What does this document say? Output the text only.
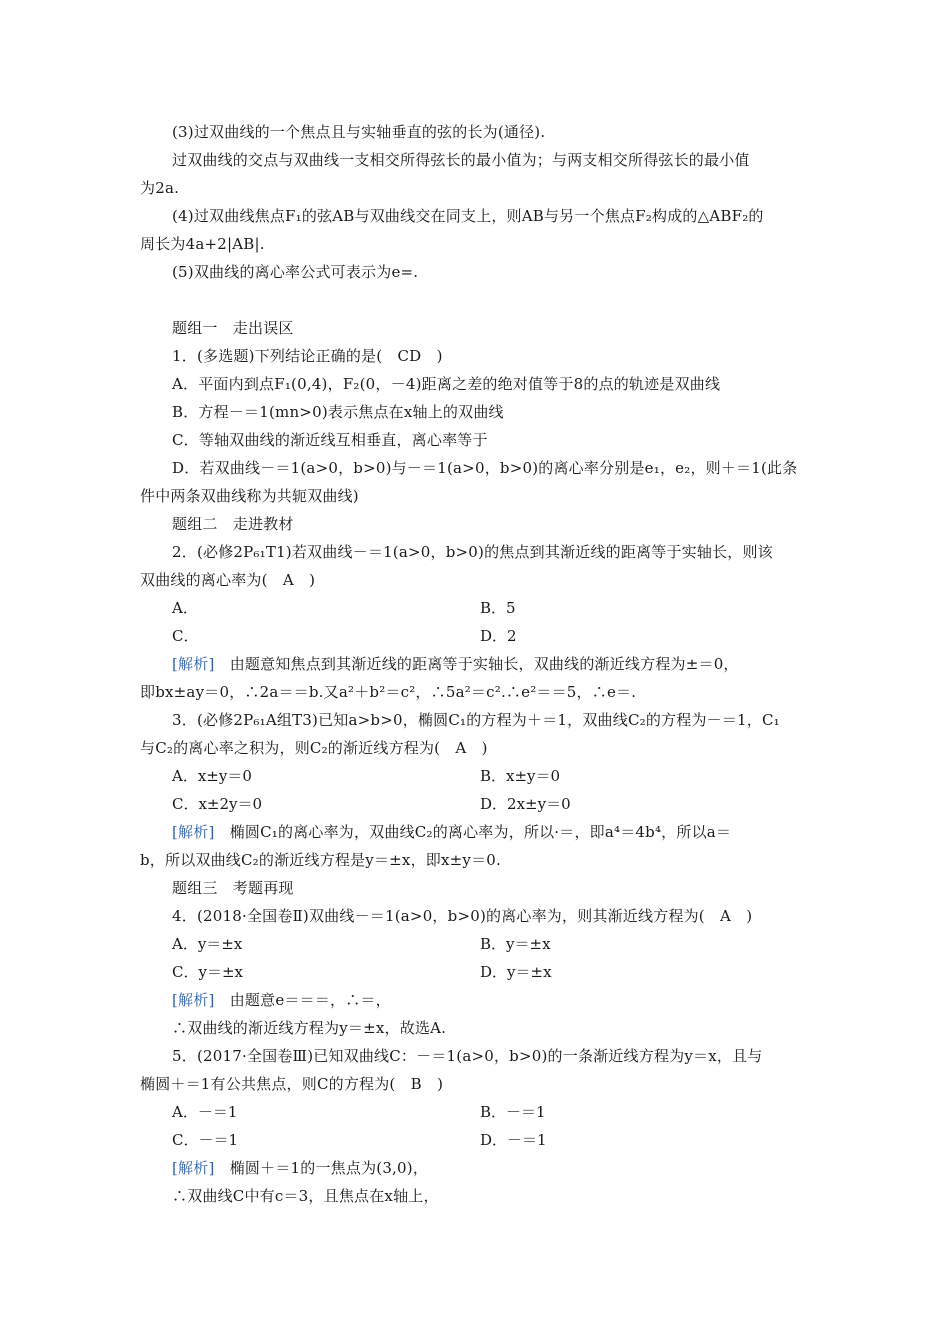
(3)过双曲线的一个焦点且与实轴垂直的弦的长为(通径).
过双曲线的交点与双曲线一支相交所得弦长的最小值为；与两支相交所得弦长的最小值
为2a.
(4)过双曲线焦点F₁的弦AB与双曲线交在同支上，则AB与另一个焦点F₂构成的△ABF₂的
周长为4a+2|AB|.
(5)双曲线的离心率公式可表示为e=.
题组一　走出误区
1．(多选题)下列结论正确的是(　CD　)
A．平面内到点F₁(0,4)，F₂(0，－4)距离之差的绝对值等于8的点的轨迹是双曲线
B．方程－＝1(mn>0)表示焦点在x轴上的双曲线
C．等轴双曲线的渐近线互相垂直，离心率等于
D．若双曲线－＝1(a>0，b>0)与－＝1(a>0，b>0)的离心率分别是e₁，e₂，则＋＝1(此条
件中两条双曲线称为共轭双曲线)
题组二　走进教材
2．(必修2P₆₁T1)若双曲线－＝1(a>0，b>0)的焦点到其渐近线的距离等于实轴长，则该
双曲线的离心率为(　A　)
A．	B．5
C．	D．2
[解析]　 由题意知焦点到其渐近线的距离等于实轴长，双曲线的渐近线方程为±＝0，
即bx±ay＝0，∴2a＝＝b.又a²＋b²＝c²，∴5a²＝c².∴e²＝＝5，∴e＝.
3．(必修2P₆₁A组T3)已知a>b>0，椭圆C₁的方程为＋＝1，双曲线C₂的方程为－＝1，C₁
与C₂的离心率之积为，则C₂的渐近线方程为(　A　)
A．x±y＝0	B．x±y＝0
C．x±2y＝0	D．2x±y＝0
[解析]　 椭圆C₁的离心率为，双曲线C₂的离心率为，所以·＝，即a⁴＝4b⁴，所以a＝
b，所以双曲线C₂的渐近线方程是y＝±x，即x±y＝0.
题组三　考题再现
4．(2018·全国卷Ⅱ)双曲线－＝1(a>0，b>0)的离心率为，则其渐近线方程为(　A　)
A．y＝±x	B．y＝±x
C．y＝±x	D．y＝±x
[解析]　 由题意e＝＝＝，∴＝，
∴双曲线的渐近线方程为y＝±x，故选A.
5．(2017·全国卷Ⅲ)已知双曲线C：－＝1(a>0，b>0)的一条渐近线方程为y＝x，且与
椭圆＋＝1有公共焦点，则C的方程为(　B　)
A．－＝1	B．－＝1
C．－＝1	D．－＝1
[解析]　 椭圆＋＝1的一焦点为(3,0)，
∴双曲线C中有c＝3，且焦点在x轴上，
